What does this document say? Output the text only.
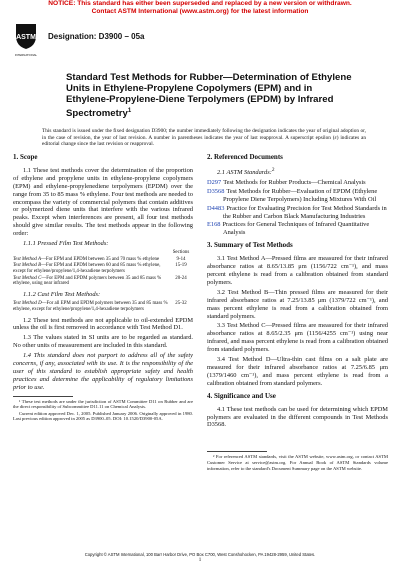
NOTICE: This standard has either been superseded and replaced by a new version or withdrawn.
Contact ASTM International (www.astm.org) for the latest information
ASTM
INTERNATIONAL
Designation: D3900 – 05a
Standard Test Methods for Rubber—Determination of Ethylene Units in Ethylene-Propylene Copolymers (EPM) and in Ethylene-Propylene-Diene Terpolymers (EPDM) by Infrared Spectrometry$^1$
This standard is issued under the fixed designation D3900; the number immediately following the designation indicates the year of original adoption or, in the case of revision, the year of last revision. A number in parentheses indicates the year of last reapproval. A superscript epsilon (ε) indicates an editorial change since the last revision or reapproval.
1. Scope

1.1 These test methods cover the determination of the proportion of ethylene and propylene units in ethylene-propylene copolymers (EPM) and ethylene-propylenediene terpolymers (EPDM) over the range from 35 to 85 mass % ethylene. Four test methods are needed to encompass the variety of commercial polymers that contain additives or polymerized diene units that interfere with the various infrared peaks. Except when interferences are present, all four test methods should give similar results. The test methods appear in the following order:

1.1.1 Pressed Film Test Methods:
	Sections
Test Method A—For EPM and EPDM between 35 and 70 mass % ethylene	9-14
Test Method B—For EPM and EPDM between 60 and 85 mass % ethylene, except for ethylene/propylene/1,4-hexadiene terpolymers	15-19
Test Method C—For EPM and EPDM polymers between 35 and 85 mass % ethylene, using near infrared	20-24
1.1.2 Cast Film Test Methods:
Test Method D—For all EPM and EPDM polymers between 35 and 85 mass % ethylene, except for ethylene/propylene/1,4-hexadiene terpolymers	25-32

1.2 These test methods are not applicable to oil-extended EPDM unless the oil is first removed in accordance with Test Method D1.

1.3 The values stated in SI units are to be regarded as standard. No other units of measurement are included in this standard.

1.4 This standard does not purport to address all of the safety concerns, if any, associated with its use. It is the responsibility of the user of this standard to establish appropriate safety and health practices and determine the applicability of regulatory limitations prior to use.

¹ These test methods are under the jurisdiction of ASTM Committee D11 on Rubber and are the direct responsibility of Subcommittee D11.11 on Chemical Analysis.
Current edition approved Dec. 1, 2005. Published January 2006. Originally approved in 1980. Last previous edition approved in 2005 as D3900–05. DOI: 10.1520/D3900-05A.
2. Referenced Documents

2.1 ASTM Standards:$^2$

D297 Test Methods for Rubber Products—Chemical Analysis
D3568 Test Methods for Rubber—Evaluation of EPDM (Ethylene Propylene Diene Terpolymers) Including Mixtures With Oil
D4483 Practice for Evaluating Precision for Test Method Standards in the Rubber and Carbon Black Manufacturing Industries
E168 Practices for General Techniques of Infrared Quantitative Analysis
3. Summary of Test Methods

3.1 Test Method A—Pressed films are measured for their infrared absorbance ratios at 8.65/13.85 μm (1156/722 cm⁻¹), and mass percent ethylene is read from a calibration obtained from standard polymers.

3.2 Test Method B—Thin pressed films are measured for their infrared absorbance ratios at 7.25/13.85 μm (1379/722 cm⁻¹), and mass percent ethylene is read from a calibration obtained from standard polymers.

3.3 Test Method C—Pressed films are measured for their infrared absorbance ratios at 8.65/2.35 μm (1156/4255 cm⁻¹) using near infrared, and mass percent ethylene is read from a calibration obtained from standard polymers.

3.4 Test Method D—Ultra-thin cast films on a salt plate are measured for their infrared absorbance ratios at 7.25/6.85 μm (1379/1460 cm⁻¹), and mass percent ethylene is read from a calibration obtained from standard polymers.

4. Significance and Use

4.1 These test methods can be used for determining which EPDM polymers are evaluated in the different compounds in Test Methods D3568.

² For referenced ASTM standards, visit the ASTM website, www.astm.org, or contact ASTM Customer Service at service@astm.org. For Annual Book of ASTM Standards volume information, refer to the standard's Document Summary page on the ASTM website.
Copyright © ASTM International, 100 Barr Harbor Drive, PO Box C700, West Conshohocken, PA 19428-2959, United States.
1
